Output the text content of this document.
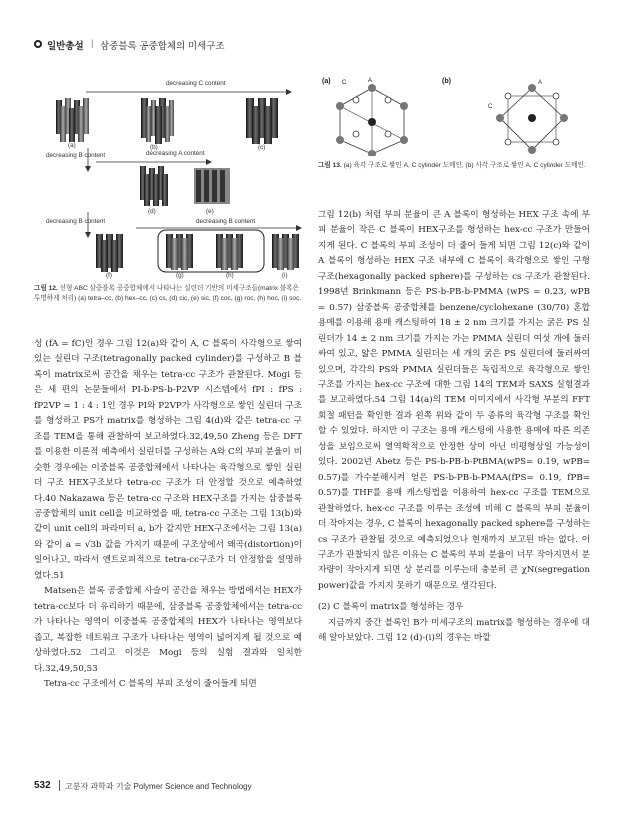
일반총설 | 삼중블록 공중합체의 미세구조
decreasing C content
decreasing B content	decreasing A content
decreasing B content	decreasing B content
(a)	(b)	(c)
(d)	(e)
(f)	(g)	(h)	(i)
그림 12. 선형 ABC 삼중블록 공중합체에서 나타나는 실린더 기반의 미세구조들(matrix 블록은 투명하게 처리) (a) tetra–cc, (b) hex–cc, (c) cs, (d) cic, (e) sic, (f) coc, (g) roc, (h) hoc, (i) soc.
(a)	(b)
C	A
C
A
그림 13. (a) 육각 구조로 쌓인 A, C cylinder 도메인, (b) 사각 구조로 쌓인 A, C cylinder 도메인.

성 (fA = fC)인 경우 그림 12(a)와 같이 A, C 블록이 사각형으로 쌓여있는 실린더 구조(tetragonally packed cylinder)를 구성하고 B 블록이 matrix로써 공간을 채우는 tetra-cc 구조가 관찰된다. Mogi 등은 세 편의 논문들에서 PI-b-PS-b-P2VP 시스템에서 fPI : fPS : fP2VP = 1 : 4 : 1인 경우 PI와 P2VP가 사각형으로 쌓인 실린더 구조를 형성하고 PS가 matrix를 형성하는 그림 4(d)와 같은 tetra-cc 구조를 TEM을 통해 관찰하여 보고하였다.32,49,50 Zheng 등은 DFT를 이용한 이론적 예측에서 실린더를 구성하는 A와 C의 부피 분율이 비슷한 경우에는 이중블록 공중합체에서 나타나는 육각형으로 쌓인 실린더 구조 HEX구조보다 tetra-cc 구조가 더 안정할 것으로 예측하였다.40 Nakazawa 등은 tetra-cc 구조와 HEX구조를 가지는 삼중블록 공중합체의 unit cell을 비교하였을 때, tetra-cc 구조는 그림 13(b)와 같이 unit cell의 파라미터 a, b가 같지만 HEX구조에서는 그림 13(a)와 같이 a = √3b 값을 가지기 때문에 구조상에서 왜곡(distortion)이 일어나고, 따라서 엔트로피적으로 tetra-cc구조가 더 안정함을 설명하였다.51

Matsen은 블록 공중합체 사슬이 공간을 채우는 방법에서는 HEX가 tetra-cc보다 더 유리하기 때문에, 삼중블록 공중합체에서는 tetra-cc가 나타나는 영역이 이중블록 공중합체의 HEX가 나타나는 영역보다 좁고, 복잡한 네트워크 구조가 나타나는 영역이 넓어지게 될 것으로 예상하였다.52 그리고 이것은 Mogi 등의 실험 결과와 일치한다.32,49,50,53

Tetra-cc 구조에서 C 블록의 부피 조성이 줄어들게 되면

그림 12(b) 처럼 부피 분율이 큰 A 블록이 형성하는 HEX 구조 속에 부피 분율이 작은 C 블록이 HEX구조를 형성하는 hex-cc 구조가 만들어지게 된다. C 블록의 부피 조성이 더 줄어 들게 되면 그림 12(c)와 같이 A 블록이 형성하는 HEX 구조 내부에 C 블록이 육각형으로 쌓인 구형 구조(hexagonally packed sphere)를 구성하는 cs 구조가 관찰된다. 1998년 Brinkmann 등은 PS-b-PB-b-PMMA (wPS = 0.23, wPB = 0.57) 삼중블록 공중합체를 benzene/cyclohexane (30/70) 혼합 용매를 이용해 용매 캐스팅하여 18 ± 2 nm 크기를 가지는 굵은 PS 실린더가 14 ± 2 nm 크기를 가지는 가는 PMMA 실린더 여섯 개에 둘러싸여 있고, 얇은 PMMA 실린더는 세 개의 굵은 PS 실린더에 둘러싸여 있으며, 각각의 PS와 PMMA 실린더들은 독립적으로 육각형으로 쌓인 구조를 가지는 hex-cc 구조에 대한 그림 14의 TEM과 SAXS 실험결과를 보고하였다.54 그림 14(a)의 TEM 이미지에서 사각형 부분의 FFT 회절 패턴을 확인한 결과 왼쪽 위와 같이 두 종류의 육각형 구조를 확인할 수 있었다. 하지만 이 구조는 용매 캐스팅에 사용한 용매에 따른 의존성을 보임으로써 열역학적으로 안정한 상이 아닌 비평형상일 가능성이 있다. 2002년 Abetz 등은 PS-b-PB-b-PtBMA(wPS= 0.19, wPB= 0.57)를 가수분해시켜 얻은 PS-b-PB-b-PMAA(fPS= 0.19, fPB= 0.57)를 THF를 용매 캐스팅법을 이용하여 hex-cc 구조를 TEM으로 관찰하였다. hex-cc 구조를 이루는 조성에 비해 C 블록의 부피 분율이 더 작아지는 경우, C 블록이 hexagonally packed sphere를 구성하는 cs 구조가 관찰될 것으로 예측되었으나 현재까지 보고된 바는 없다. 이 구조가 관찰되지 않은 이유는 C 블록의 부피 분율이 너무 작아지면서 분자량이 작아지게 되면 상 분리를 이루는데 충분히 큰 χN(segregation power)값을 가지지 못하기 때문으로 생각된다.

(2) C 블록이 matrix를 형성하는 경우

지금까지 중간 블록인 B가 미세구조의 matrix를 형성하는 경우에 대해 알아보았다. 그림 12 (d)-(i)의 경우는 바깥

532 고분자 과학과 기술 Polymer Science and Technology
